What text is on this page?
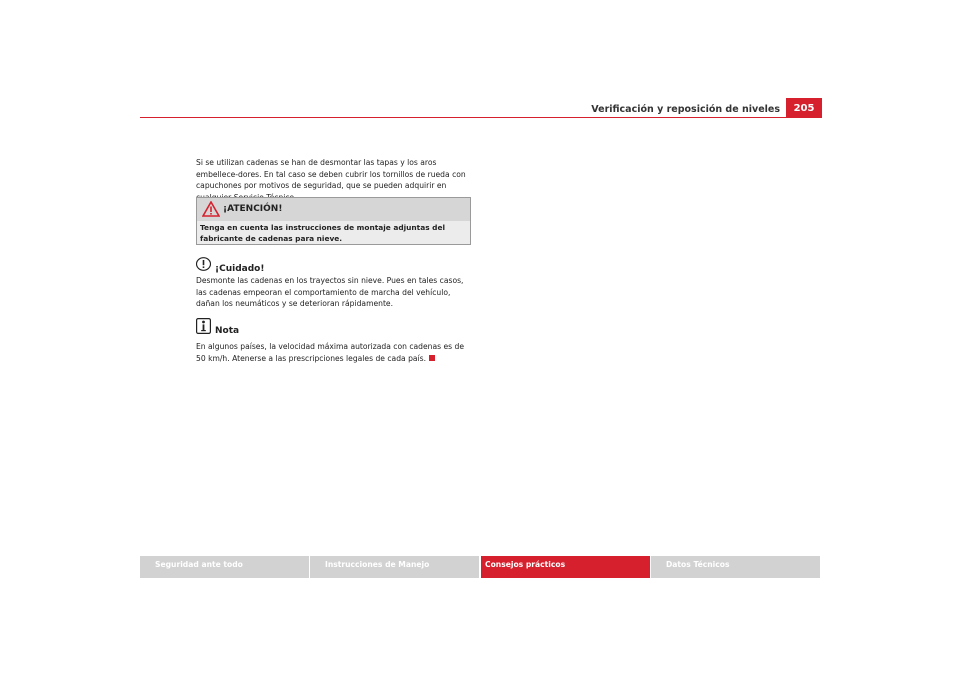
Verificación y reposición de niveles	205
Si se utilizan cadenas se han de desmontar las tapas y los aros embellece-dores. En tal caso se deben cubrir los tornillos de rueda con capuchones por motivos de seguridad, que se pueden adquirir en
¡ATENCIÓN!
Tenga en cuenta las instrucciones de montaje adjuntas del fabricante de cadenas para nieve.
¡Cuidado!
Desmonte las cadenas en los trayectos sin nieve. Pues en tales casos, las cadenas empeoran el comportamiento de marcha del vehículo, dañan los neumáticos y se deterioran rápidamente.
Nota
En algunos países, la velocidad máxima autorizada con cadenas es de 50 km/h. Atenerse a las prescripciones legales de cada país.
Seguridad ante todo	Instrucciones de Manejo	Consejos prácticos	Datos Técnicos
